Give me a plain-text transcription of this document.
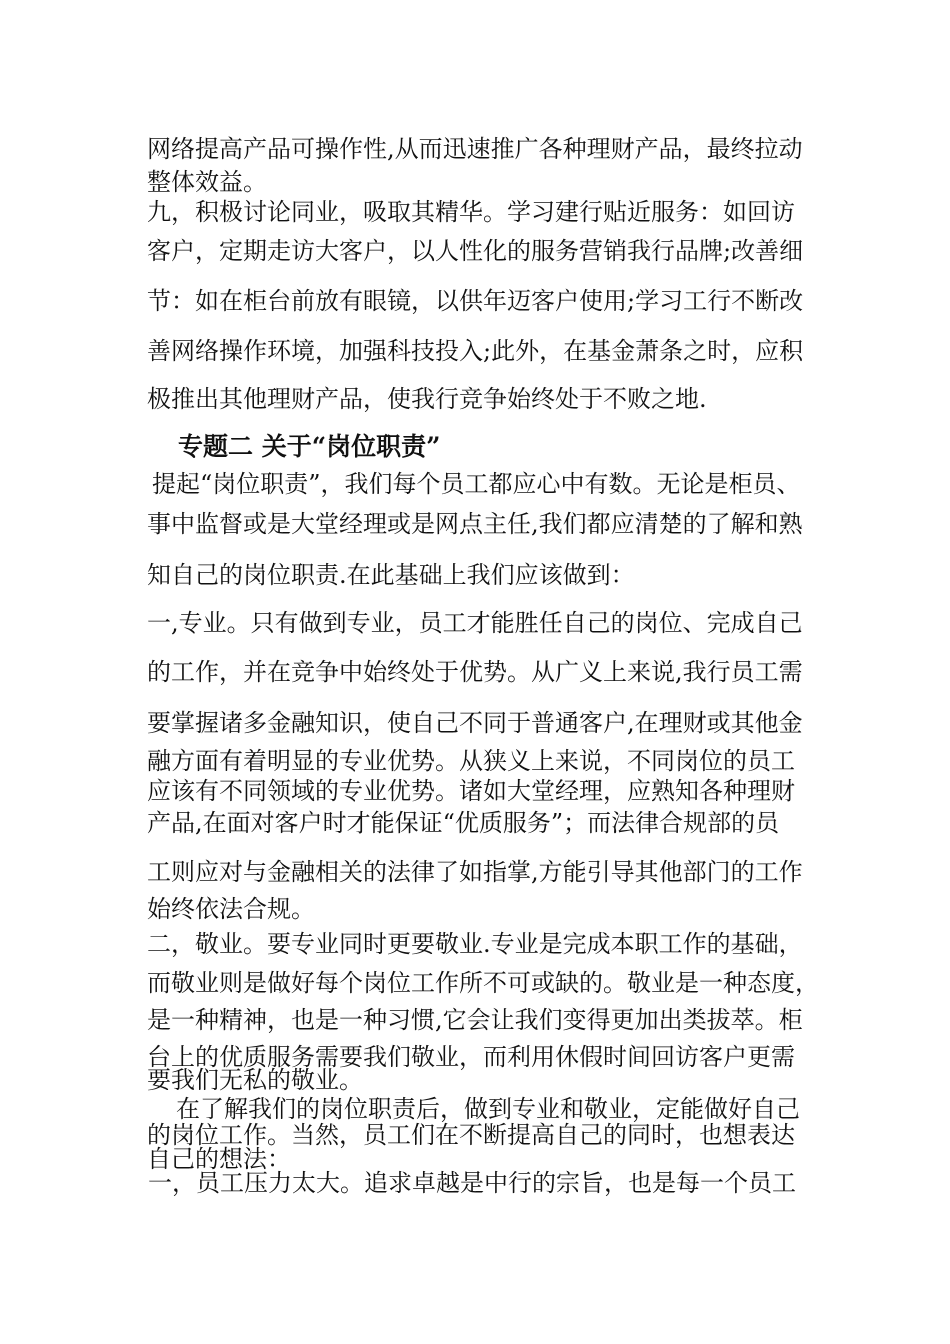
网络提高产品可操作性,从而迅速推广各种理财产品，最终拉动
整体效益。
九，积极讨论同业，吸取其精华。学习建行贴近服务：如回访
客户，定期走访大客户，以人性化的服务营销我行品牌;改善细
节：如在柜台前放有眼镜，以供年迈客户使用;学习工行不断改
善网络操作环境，加强科技投入;此外，在基金萧条之时，应积
极推出其他理财产品，使我行竞争始终处于不败之地.
专题二 关于“岗位职责”
提起“岗位职责”，我们每个员工都应心中有数。无论是柜员、
事中监督或是大堂经理或是网点主任,我们都应清楚的了解和熟
知自己的岗位职责.在此基础上我们应该做到：
一,专业。只有做到专业，员工才能胜任自己的岗位、完成自己
的工作，并在竞争中始终处于优势。从广义上来说,我行员工需
要掌握诸多金融知识，使自己不同于普通客户,在理财或其他金
融方面有着明显的专业优势。从狭义上来说，不同岗位的员工
应该有不同领域的专业优势。诸如大堂经理，应熟知各种理财
产品,在面对客户时才能保证“优质服务”；而法律合规部的员
工则应对与金融相关的法律了如指掌,方能引导其他部门的工作
始终依法合规。
二，敬业。要专业同时更要敬业.专业是完成本职工作的基础，
而敬业则是做好每个岗位工作所不可或缺的。敬业是一种态度，
是一种精神，也是一种习惯,它会让我们变得更加出类拔萃。柜
台上的优质服务需要我们敬业，而利用休假时间回访客户更需
要我们无私的敬业。
在了解我们的岗位职责后，做到专业和敬业，定能做好自己
的岗位工作。当然，员工们在不断提高自己的同时，也想表达
自己的想法：
一，员工压力太大。追求卓越是中行的宗旨，也是每一个员工
